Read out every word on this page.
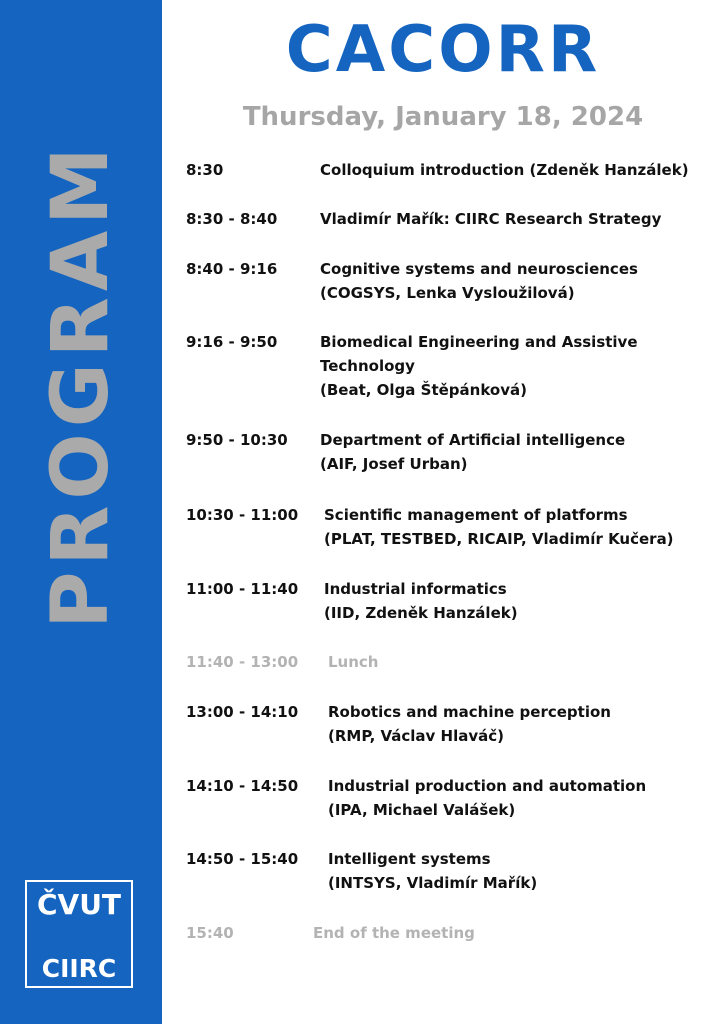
PROGRAM
ČVUT
CIIRC
CACORR
Thursday, January 18, 2024
8:30	Colloquium introduction (Zdeněk Hanzálek)
8:30 - 8:40	Vladimír Mařík: CIIRC Research Strategy
8:40 - 9:16	Cognitive systems and neurosciences
(COGSYS, Lenka Vysloužilová)
9:16 - 9:50	Biomedical Engineering and Assistive
Technology
(Beat, Olga Štěpánková)
9:50 - 10:30 Department of Artificial intelligence
(AIF, Josef Urban)
10:30 - 11:00 Scientific management of platforms
(PLAT, TESTBED, RICAIP, Vladimír Kučera)
11:00 - 11:40 Industrial informatics
(IID, Zdeněk Hanzálek)
11:40 - 13:00 Lunch
13:00 - 14:10 Robotics and machine perception
(RMP, Václav Hlaváč)
14:10 - 14:50 Industrial production and automation
(IPA, Michael Valášek)
14:50 - 15:40 Intelligent systems
(INTSYS, Vladimír Mařík)
15:40	End of the meeting
